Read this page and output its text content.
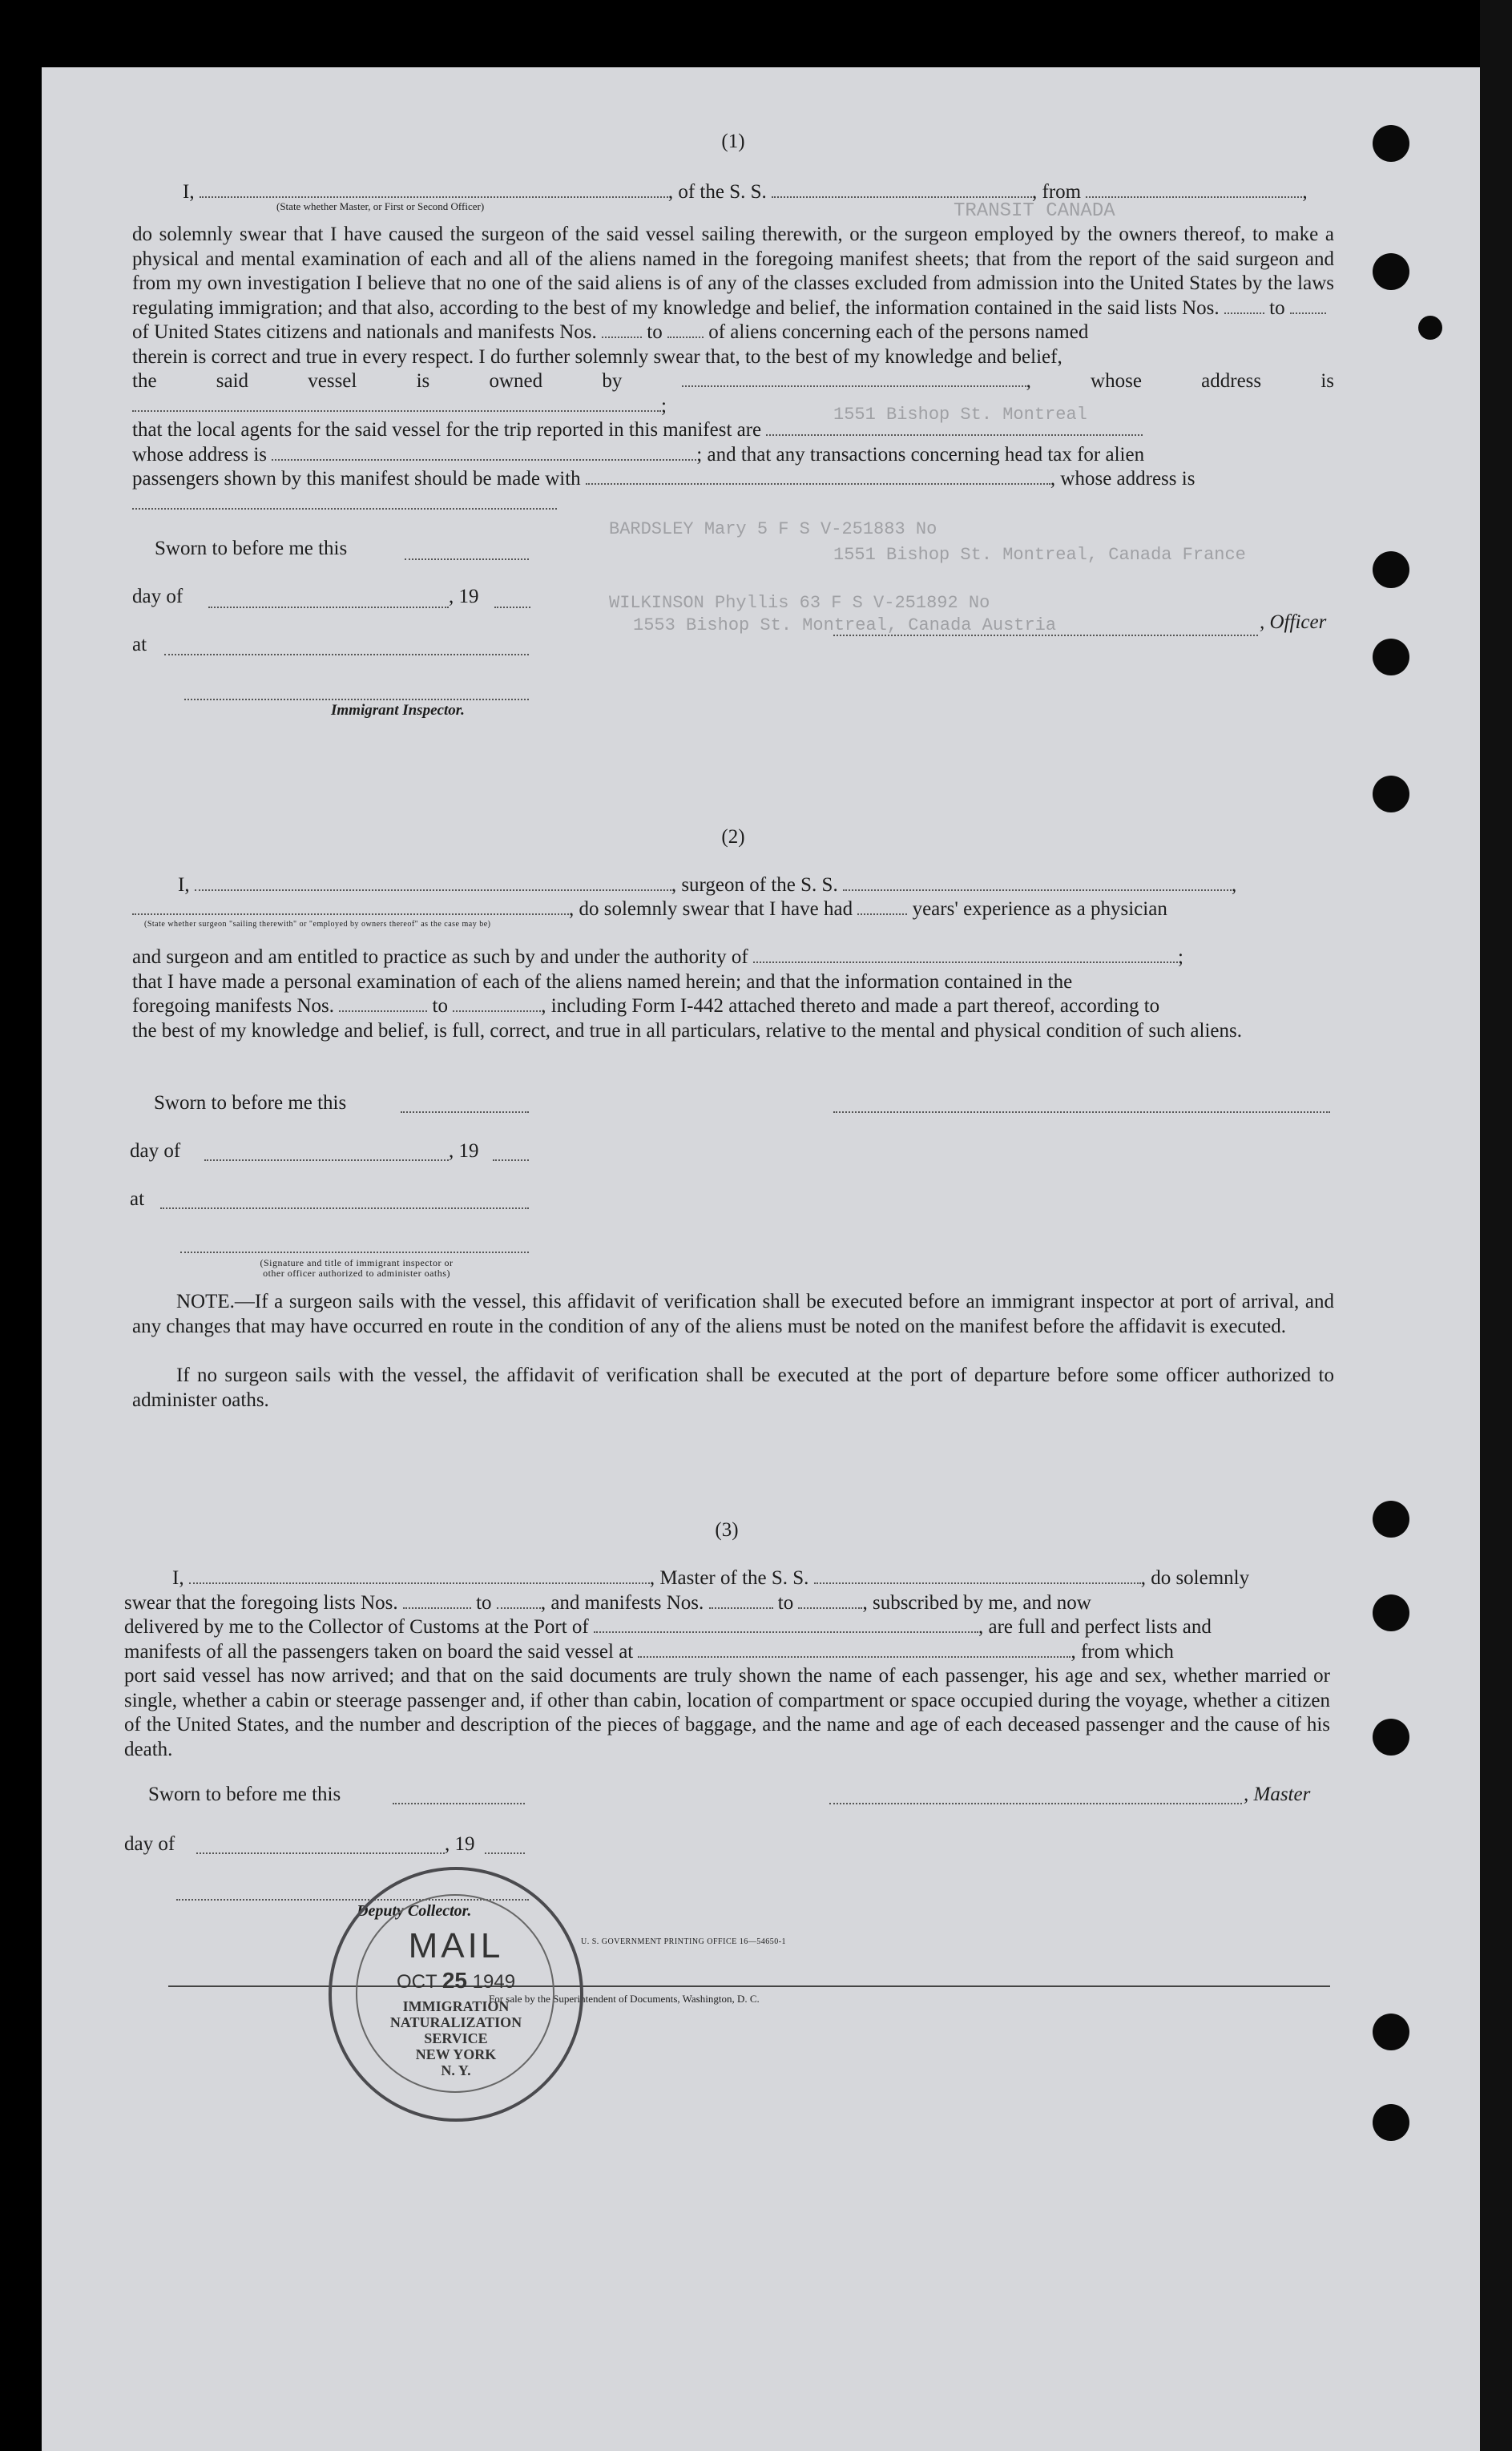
TRANSIT CANADA
1551 Bishop St. Montreal
BARDSLEY Mary 5 F S V-251883 No
1551 Bishop St. Montreal, Canada France
WILKINSON Phyllis 63 F S V-251892 No
1553 Bishop St. Montreal, Canada Austria
(1)
I,	, of the S. S.	, from	,
(State whether Master, or First or Second Officer)
do solemnly swear that I have caused the surgeon of the said vessel sailing therewith, or the surgeon employed by the owners thereof, to make a physical and mental examination of each and all of the aliens named in the foregoing manifest sheets; that from the report of the said surgeon and from my own investigation I believe that no one of the said aliens is of any of the classes excluded from admission into the United States by the laws regulating immigration; and that also, according to the best of my knowledge and belief, the information contained in the said lists Nos.	to
of United States citizens and nationals and manifests Nos.	to of aliens concerning each of the persons named
therein is correct and true in every respect. I do further solemnly swear that, to the best of my knowledge and belief,
the said vessel is owned by	, whose address is ;
that the local agents for the said vessel for the trip reported in this manifest are
whose address is	; and that any transactions concerning head tax for alien
passengers shown by this manifest should be made with	, whose address is
Sworn to before me this
day of	, 19
at
, Officer
Immigrant Inspector.
(2)
I,	, surgeon of the S. S.	,
, do solemnly swear that I have had	years' experience as a physician
(State whether surgeon "sailing therewith" or "employed by owners thereof" as the case may be)
and surgeon and am entitled to practice as such by and under the authority of	;
that I have made a personal examination of each of the aliens named herein; and that the information contained in the
foregoing manifests Nos.	to	, including Form I-442 attached thereto and made a part thereof, according to
the best of my knowledge and belief, is full, correct, and true in all particulars, relative to the mental and physical condition of such aliens.
Sworn to before me this
day of	, 19
at
(Signature and title of immigrant inspector or
other officer authorized to administer oaths)
NOTE.—If a surgeon sails with the vessel, this affidavit of verification shall be executed before an immigrant inspector at port of arrival, and any changes that may have occurred en route in the condition of any of the aliens must be noted on the manifest before the affidavit is executed.
If no surgeon sails with the vessel, the affidavit of verification shall be executed at the port of departure before some officer authorized to administer oaths.
(3)
I,	, Master of the S. S.	, do solemnly
swear that the foregoing lists Nos.	to , and manifests Nos.	to	, subscribed by me, and now
delivered by me to the Collector of Customs at the Port of	, are full and perfect lists and
manifests of all the passengers taken on board the said vessel at	, from which
port said vessel has now arrived; and that on the said documents are truly shown the name of each passenger, his age and sex, whether married or single, whether a cabin or steerage passenger and, if other than cabin, location of compartment or space occupied during the voyage, whether a citizen of the United States, and the number and description of the pieces of baggage, and the name and age of each deceased passenger and the cause of his death.
Sworn to before me this	, Master
day of	, 19
Deputy Collector.
U. S. GOVERNMENT PRINTING OFFICE 16—54650-1
For sale by the Superintendent of Documents, Washington, D. C.
MAIL
OCT 25 1949
IMMIGRATION
NATURALIZATION
SERVICE
NEW YORK
N. Y.
